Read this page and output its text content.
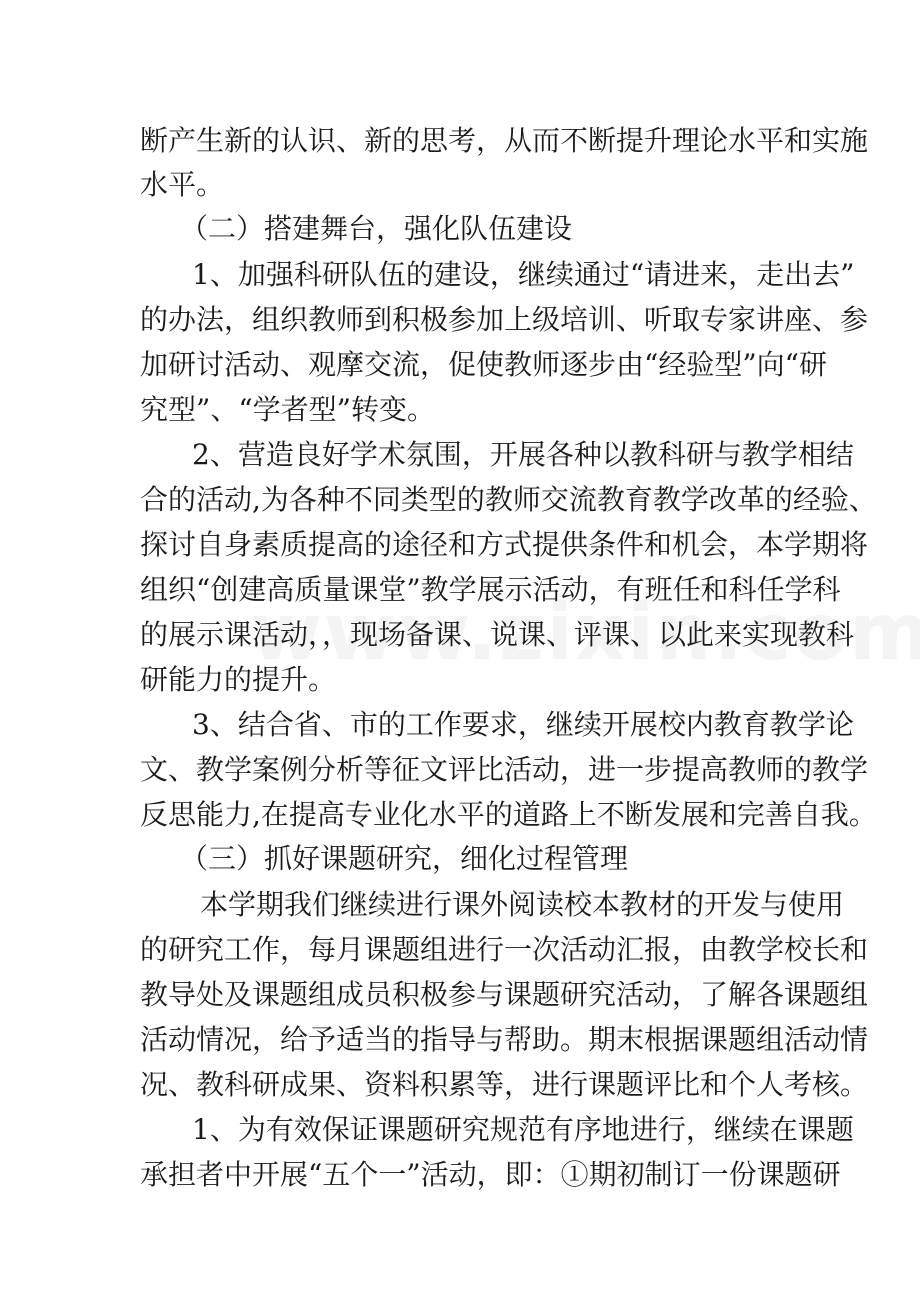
断产生新的认识、新的思考，从而不断提升理论水平和实施
水平。
（二）搭建舞台，强化队伍建设
1、加强科研队伍的建设，继续通过“请进来，走出去”
的办法，组织教师到积极参加上级培训、听取专家讲座、参
加研讨活动、观摩交流，促使教师逐步由“经验型”向“研
究型”、“学者型”转变。
2、营造良好学术氛围，开展各种以教科研与教学相结
合的活动,为各种不同类型的教师交流教育教学改革的经验、
探讨自身素质提高的途径和方式提供条件和机会，本学期将
组织“创建高质量课堂”教学展示活动，有班任和科任学科
的展示课活动，，现场备课、说课、评课、以此来实现教科
研能力的提升。
3、结合省、市的工作要求，继续开展校内教育教学论
文、教学案例分析等征文评比活动，进一步提高教师的教学
反思能力,在提高专业化水平的道路上不断发展和完善自我。
（三）抓好课题研究，细化过程管理
本学期我们继续进行课外阅读校本教材的开发与使用
的研究工作，每月课题组进行一次活动汇报，由教学校长和
教导处及课题组成员积极参与课题研究活动，了解各课题组
活动情况，给予适当的指导与帮助。期末根据课题组活动情
况、教科研成果、资料积累等，进行课题评比和个人考核。
1、为有效保证课题研究规范有序地进行，继续在课题
承担者中开展“五个一”活动，即：①期初制订一份课题研
